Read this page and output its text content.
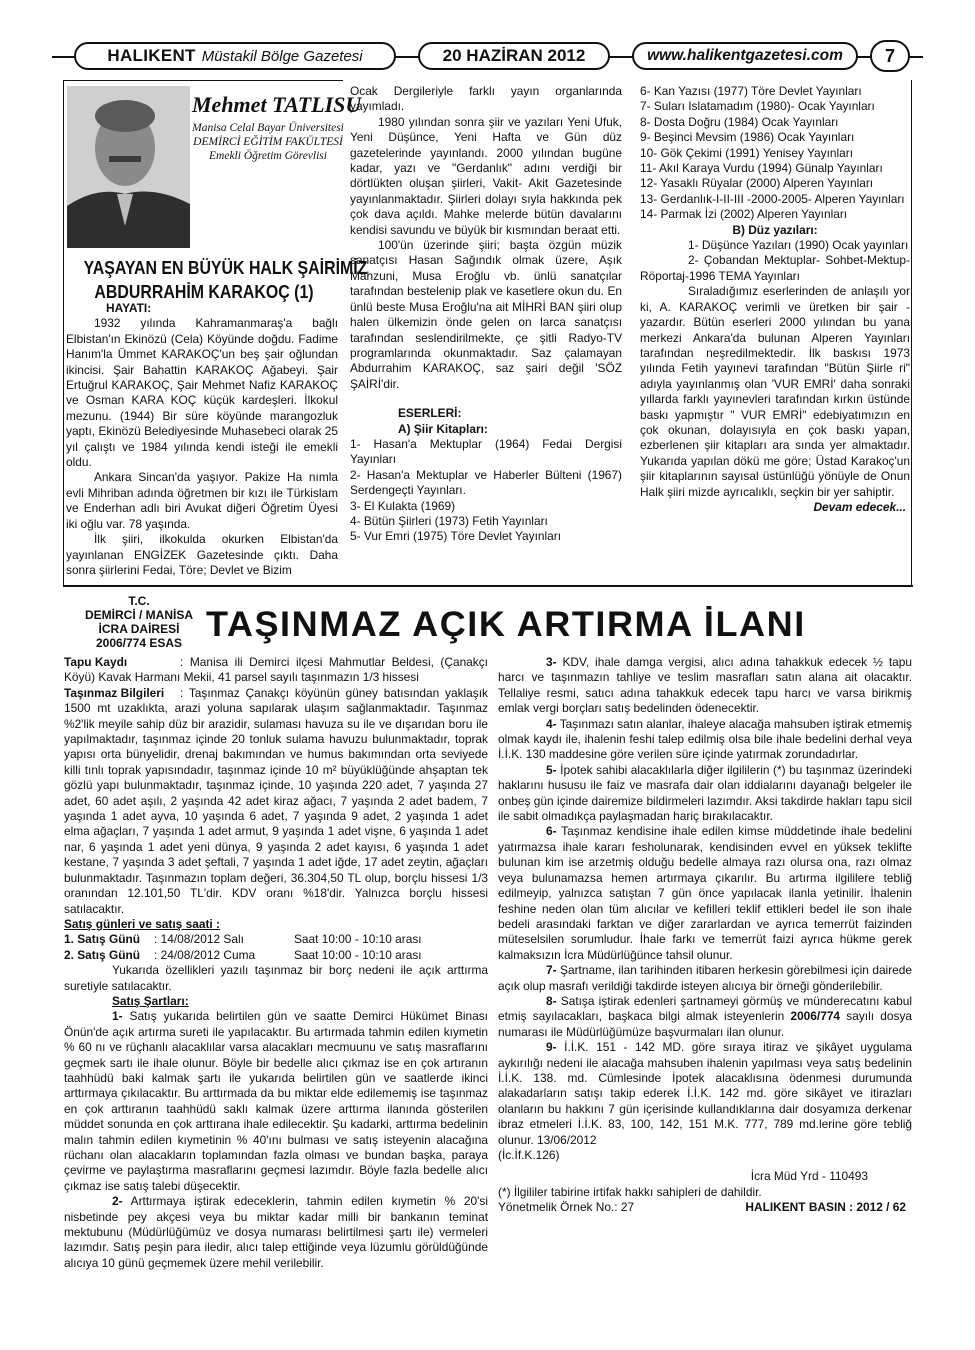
HALIKENT Müstakil Bölge Gazetesi	20 HAZİRAN 2012	www.halikentgazetesi.com 7
Mehmet TATLISU
Manisa Celal Bayar Üniversitesi
DEMİRCİ EĞİTİM FAKÜLTESİ
Emekli Öğretim Görevlisi
YAŞAYAN EN BÜYÜK HALK ŞAİRİMİZ
ABDURRAHİM KARAKOÇ (1)

HAYATI:

1932 yılında Kahramanmaraş'a bağlı Elbistan'ın Ekinözü (Cela) Köyünde doğdu. Fadime Hanım'la Ümmet KARAKOÇ'un beş şair oğlundan ikincisi. Şair Bahattin KARAKOÇ Ağabeyi. Şair Ertuğrul KARAKOÇ, Şair Mehmet Nafiz KARAKOÇ ve Osman KARA KOÇ küçük kardeşleri. İlkokul mezunu. (1944) Bir süre köyünde marangozluk yaptı, Ekinözü Belediyesinde Muhasebeci olarak 25 yıl çalıştı ve 1984 yılında kendi isteği ile emekli oldu.

Ankara Sincan'da yaşıyor. Pakize Ha nımla evli Mihriban adında öğretmen bir kızı ile Türkislam ve Enderhan adlı biri Avukat diğeri Öğretim Üyesi iki oğlu var. 78 yaşında.

İlk şiiri, ilkokulda okurken Elbistan'da yayınlanan ENGİZEK Gazetesinde çıktı. Daha sonra şiirlerini Fedai, Töre; Devlet ve Bizim

Ocak Dergileriyle farklı yayın organlarında yayımladı.

1980 yılından sonra şiir ve yazıları Yeni Ufuk, Yeni Düşünce, Yeni Hafta ve Gün düz gazetelerinde yayınlandı. 2000 yılından bugüne kadar, yazı ve "Gerdanlık" adını verdiği bir dörtlükten oluşan şiirleri, Vakit- Akit Gazetesinde yayınlanmaktadır. Şiirleri dolayı sıyla hakkında pek çok dava açıldı. Mahke melerde bütün davalarını kendisi savundu ve büyük bir kısmından beraat etti.

100'ün üzerinde şiiri; başta özgün müzik sanatçısı Hasan Sağındık olmak üzere, Aşık Mahzuni, Musa Eroğlu vb. ünlü sanatçılar tarafından bestelenip plak ve kasetlere okun du. En ünlü beste Musa Eroğlu'na ait MİHRİ BAN şiiri olup halen ülkemizin önde gelen on larca sanatçısı tarafından seslendirilmekte, çe şitli Radyo-TV programlarında okunmaktadır. Saz çalamayan Abdurrahim KARAKOÇ, saz şairi değil 'SÖZ ŞAİRİ'dir.

ESERLERİ:

A) Şiir Kitapları:

1- Hasan'a Mektuplar (1964) Fedai Dergisi Yayınları

2- Hasan'a Mektuplar ve Haberler Bülteni (1967) Serdengeçti Yayınları.

3- El Kulakta (1969)

4- Bütün Şiirleri (1973) Fetih Yayınları

5- Vur Emri (1975) Töre Devlet Yayınları

6- Kan Yazısı (1977) Töre Devlet Yayınları

7- Suları Islatamadım (1980)- Ocak Yayınları

8- Dosta Doğru (1984) Ocak Yayınları

9- Beşinci Mevsim (1986) Ocak Yayınları

10- Gök Çekimi (1991) Yenisey Yayınları

11- Akıl Karaya Vurdu (1994) Günalp Yayınları

12- Yasaklı Rüyalar (2000) Alperen Yayınları

13- Gerdanlık-I-II-III -2000-2005- Alperen Yayınları

14- Parmak İzi (2002) Alperen Yayınları

B) Düz yazıları:

1- Düşünce Yazıları (1990) Ocak yayınları

2- Çobandan Mektuplar- Sohbet-Mektup- Röportaj-1996 TEMA Yayınları

Sıraladığımız eserlerinden de anlaşılı yor ki, A. KARAKOÇ verimli ve üretken bir şair -yazardır. Bütün eserleri 2000 yılından bu yana merkezi Ankara'da bulunan Alperen Yayınları tarafından neşredilmektedir. İlk baskısı 1973 yılında Fetih yayınevi tarafından "Bütün Şiirle ri" adıyla yayınlanmış olan 'VUR EMRİ' daha sonraki yıllarda farklı yayınevleri tarafından kırkın üstünde baskı yapmıştır " VUR EMRİ" edebiyatımızın en çok okunan, dolayısıyla en çok baskı yapan, ezberlenen şiir kitapları ara sında yer almaktadır. Yukarıda yapılan dökü me göre; Üstad Karakoç'un şiir kitaplarının sayısal üstünlüğü yönüyle de Onun Halk şiiri mizde ayrıcalıklı, seçkin bir yer sahiptir.

Devam edecek...

T.C.
DEMİRCİ / MANİSA
İCRA DAİRESİ
2006/774 ESAS TAŞINMAZ AÇIK ARTIRMA İLANI

Tapu Kaydı	: Manisa ili Demirci ilçesi Mahmutlar Beldesi, (Çanakçı Köyü) Kavak Harmanı Mekii, 41 parsel sayılı taşınmazın 1/3 hissesi

Taşınmaz Bilgileri : Taşınmaz Çanakçı köyünün güney batısından yaklaşık 1500 mt uzaklıkta, arazi yoluna sapılarak ulaşım sağlanmaktadır. Taşınmaz %2'lik meyile sahip düz bir arazidir, sulaması havuza su ile ve dışarıdan boru ile yapılmaktadır, taşınmaz içinde 20 tonluk sulama havuzu bulunmaktadır, toprak yapısı orta bünyelidir, drenaj bakımından ve humus bakımından orta seviyede killi tınlı toprak yapısındadır, taşınmaz içinde 10 m² büyüklüğünde ahşaptan tek gözlü yapı bulunmaktadır, taşınmaz içinde, 10 yaşında 220 adet, 7 yaşında 27 adet, 60 adet aşılı, 2 yaşında 42 adet kiraz ağacı, 7 yaşında 2 adet badem, 7 yaşında 1 adet ayva, 10 yaşında 6 adet, 7 yaşında 9 adet, 2 yaşında 1 adet elma ağaçları, 7 yaşında 1 adet armut, 9 yaşında 1 adet vişne, 6 yaşında 1 adet nar, 6 yaşında 1 adet yeni dünya, 9 yaşında 2 adet kayısı, 6 yaşında 1 adet kestane, 7 yaşında 3 adet şeftali, 7 yaşında 1 adet iğde, 17 adet zeytin, ağaçları bulunmaktadır. Taşınmazın toplam değeri, 36.304,50 TL olup, borçlu hissesi 1/3 oranından 12.101,50 TL'dir. KDV oranı %18'dir. Yalnızca borçlu hissesi satılacaktır.

Satış günleri ve satış saati :

1. Satış Günü	: 14/08/2012 Salı	Saat 10:00 - 10:10 arası
2. Satış Günü	: 24/08/2012 Cuma	Saat 10:00 - 10:10 arası

Yukarıda özellikleri yazılı taşınmaz bir borç nedeni ile açık arttırma suretiyle satılacaktır.

Satış Şartları:

1- Satış yukarıda belirtilen gün ve saatte Demirci Hükümet Binası Önün'de açık artırma sureti ile yapılacaktır. Bu artırmada tahmin edilen kıymetin % 60 nı ve rüçhanlı alacaklılar varsa alacakları mecmuunu ve satış masraflarını geçmek sartı ile ihale olunur. Böyle bir bedelle alıcı çıkmaz ise en çok artıranın taahhüdü baki kalmak şartı ile yukarıda belirtilen gün ve saatlerde ikinci arttırmaya çıkılacaktır. Bu arttırmada da bu miktar elde edilememiş ise taşınmaz en çok arttıranın taahhüdü saklı kalmak üzere arttırma ilanında gösterilen müddet sonunda en çok arttırana ihale edilecektir. Şu kadarki, arttırma bedelinin malın tahmin edilen kıymetinin % 40'ını bulması ve satış isteyenin alacağına rüchanı olan alacakların toplamından fazla olması ve bundan başka, paraya çevirme ve paylaştırma masraflarını geçmesi lazımdır. Böyle fazla bedelle alıcı çıkmaz ise satış talebi düşecektir.

2- Arttırmaya iştirak edeceklerin, tahmin edilen kıymetin % 20'si nisbetinde pey akçesi veya bu miktar kadar milli bir bankanın teminat mektubunu (Müdürlüğümüz ve dosya numarası belirtilmesi şartı ile) vermeleri lazımdır. Satış peşin para iledir, alıcı talep ettiğinde veya lüzumlu görüldüğünde alıcıya 10 günü geçmemek üzere mehil verilebilir.

3- KDV, ihale damga vergisi, alıcı adına tahakkuk edecek ½ tapu harcı ve taşınmazın tahliye ve teslim masrafları satın alana ait olacaktır. Tellaliye resmi, satıcı adına tahakkuk edecek tapu harcı ve varsa birikmiş emlak vergi borçları satış bedelinden ödenecektir.

4- Taşınmazı satın alanlar, ihaleye alacağa mahsuben iştirak etmemiş olmak kaydı ile, ihalenin feshi talep edilmiş olsa bile ihale bedelini derhal veya İ.İ.K. 130 maddesine göre verilen süre içinde yatırmak zorundadırlar.

5- İpotek sahibi alacaklılarla diğer ilgililerin (*) bu taşınmaz üzerindeki haklarını hususu ile faiz ve masrafa dair olan iddialarını dayanağı belgeler ile onbeş gün içinde dairemize bildirmeleri lazımdır. Aksi takdirde hakları tapu sicil ile sabit olmadıkça paylaşmadan hariç bırakılacaktır.

6- Taşınmaz kendisine ihale edilen kimse müddetinde ihale bedelini yatırmazsa ihale kararı fesholunarak, kendisinden evvel en yüksek teklifte bulunan kim ise arzetmiş olduğu bedelle almaya razı olursa ona, razı olmaz veya bulunamazsa hemen artırmaya çıkarılır. Bu artırma ilgililere tebliğ edilmeyip, yalnızca satıştan 7 gün önce yapılacak ilanla yetinilir. İhalenin feshine neden olan tüm alıcılar ve kefilleri teklif ettikleri bedel ile son ihale bedeli arasındaki farktan ve diğer zararlardan ve ayrıca temerrüt faizinden müteselsilen sorumludur. İhale farkı ve temerrüt faizi ayrıca hükme gerek kalmaksızın İcra Müdürlüğünce tahsil olunur.

7- Şartname, ilan tarihinden itibaren herkesin görebilmesi için dairede açık olup masrafı verildiği takdirde isteyen alıcıya bir örneği gönderilebilir.

8- Satışa iştirak edenleri şartnameyi görmüş ve münderecatını kabul etmiş sayılacakları, başkaca bilgi almak isteyenlerin 2006/774 sayılı dosya numarası ile Müdürlüğümüze başvurmaları ilan olunur.

9- İ.İ.K. 151 - 142 MD. göre sıraya itiraz ve şikâyet uygulama aykırılığı nedeni ile alacağa mahsuben ihalenin yapılması veya satış bedelinin İ.İ.K. 138. md. Cümlesinde İpotek alacaklısına ödenmesi durumunda alakadarların satışı takip ederek İ.İ.K. 142 md. göre sikâyet ve itirazları olanların bu hakkını 7 gün içerisinde kullandıklarına dair dosyamıza derkenar ibraz etmeleri İ.İ.K. 83, 100, 142, 151 M.K. 777, 789 md.lerine göre tebliğ olunur. 13/06/2012

(İc.İf.K.126)

İcra Müd Yrd - 110493

(*) İlgililer tabirine irtifak hakkı sahipleri de dahildir.

Yönetmelik Örnek No.: 27	HALIKENT BASIN : 2012 / 62
